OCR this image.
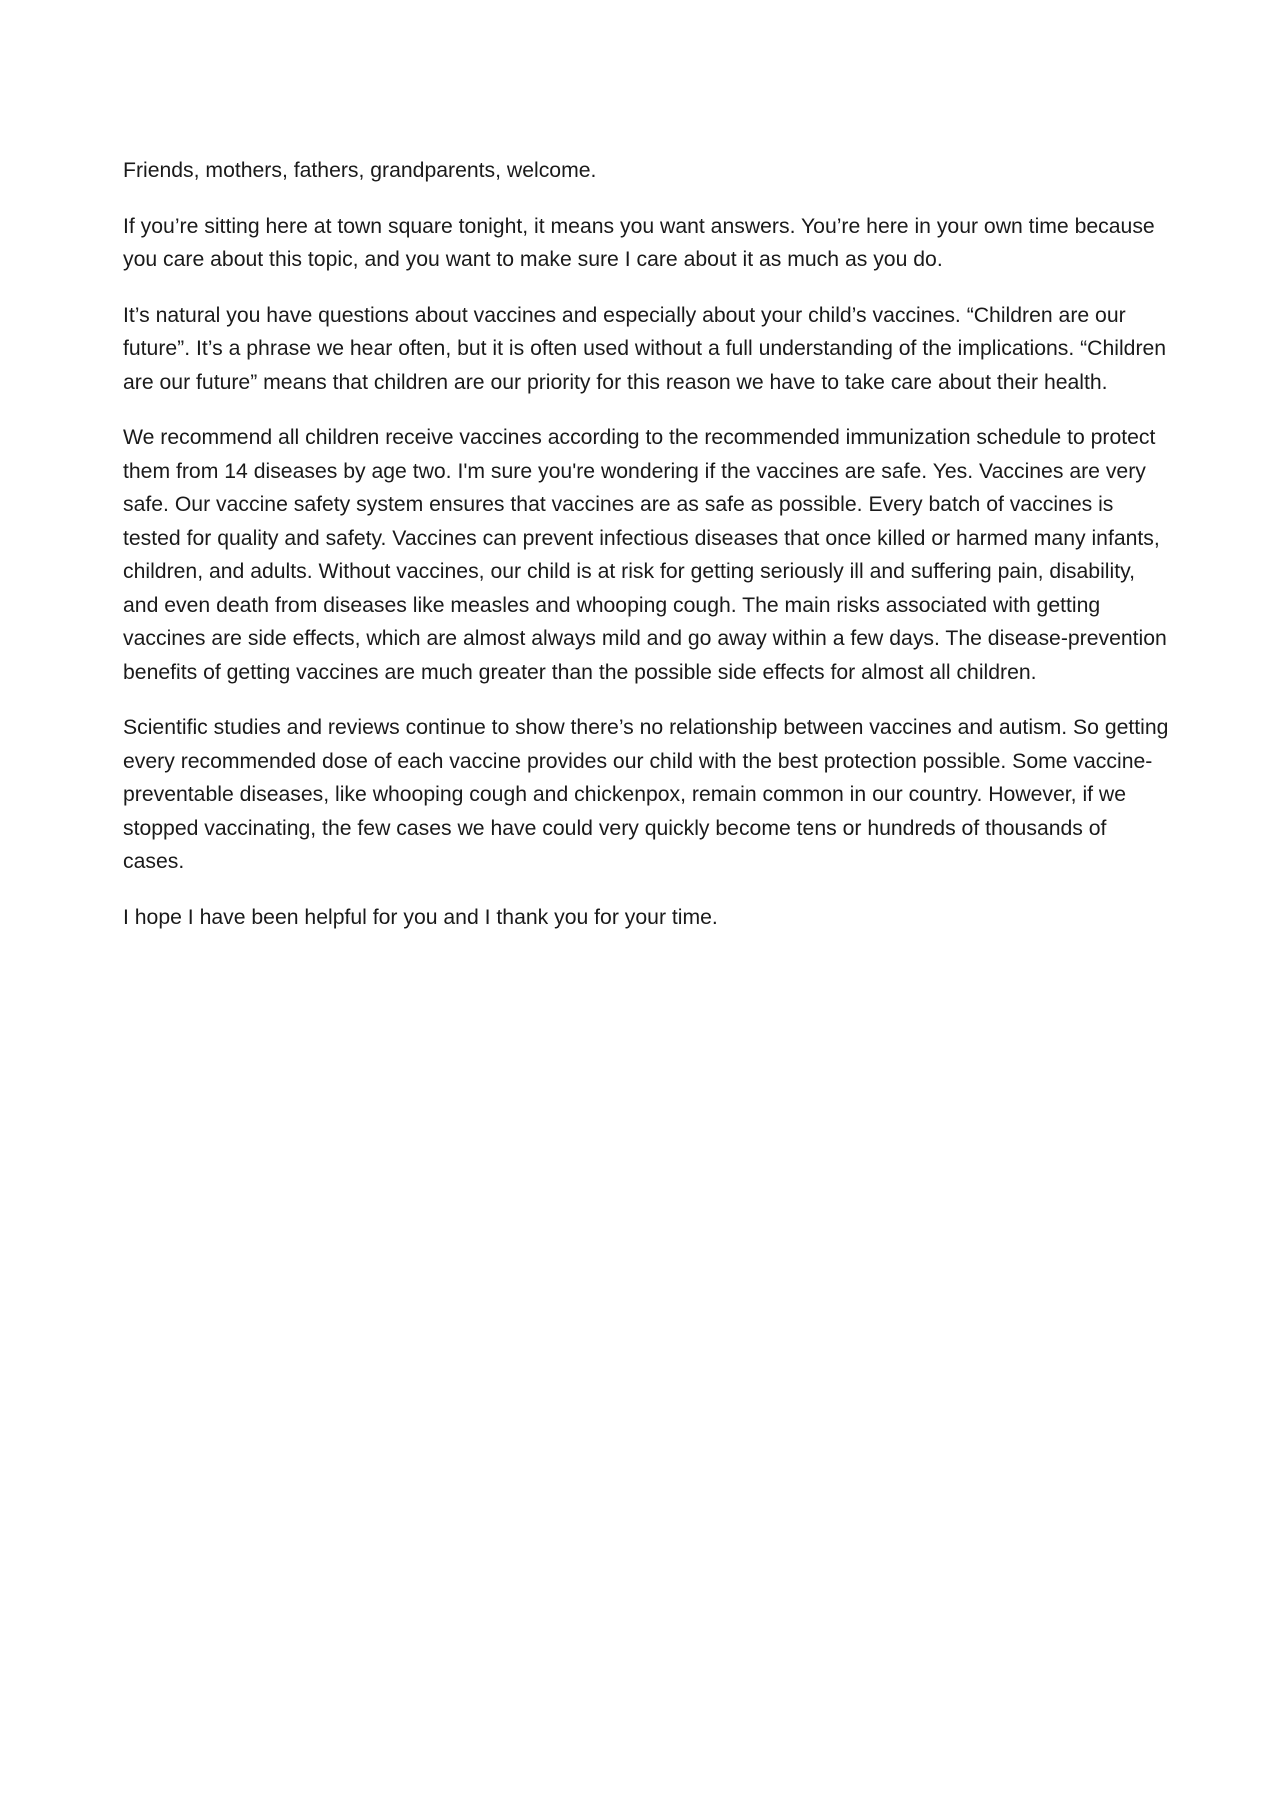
Friends, mothers, fathers, grandparents, welcome.

If you’re sitting here at town square tonight, it means you want answers. You’re here in your own time because you care about this topic, and you want to make sure I care about it as much as you do.

It’s natural you have questions about vaccines and especially about your child’s vaccines. “Children are our future”. It’s a phrase we hear often, but it is often used without a full understanding of the implications. “Children are our future” means that children are our priority for this reason we have to take care about their health.

We recommend all children receive vaccines according to the recommended immunization schedule to protect them from 14 diseases by age two. I'm sure you're wondering if the vaccines are safe. Yes. Vaccines are very safe. Our vaccine safety system ensures that vaccines are as safe as possible. Every batch of vaccines is tested for quality and safety. Vaccines can prevent infectious diseases that once killed or harmed many infants, children, and adults. Without vaccines, our child is at risk for getting seriously ill and suffering pain, disability, and even death from diseases like measles and whooping cough. The main risks associated with getting vaccines are side effects, which are almost always mild and go away within a few days. The disease-prevention benefits of getting vaccines are much greater than the possible side effects for almost all children.

Scientific studies and reviews continue to show there’s no relationship between vaccines and autism. So getting every recommended dose of each vaccine provides our child with the best protection possible. Some vaccine-preventable diseases, like whooping cough and chickenpox, remain common in our country. However, if we stopped vaccinating, the few cases we have could very quickly become tens or hundreds of thousands of cases.

I hope I have been helpful for you and I thank you for your time.
